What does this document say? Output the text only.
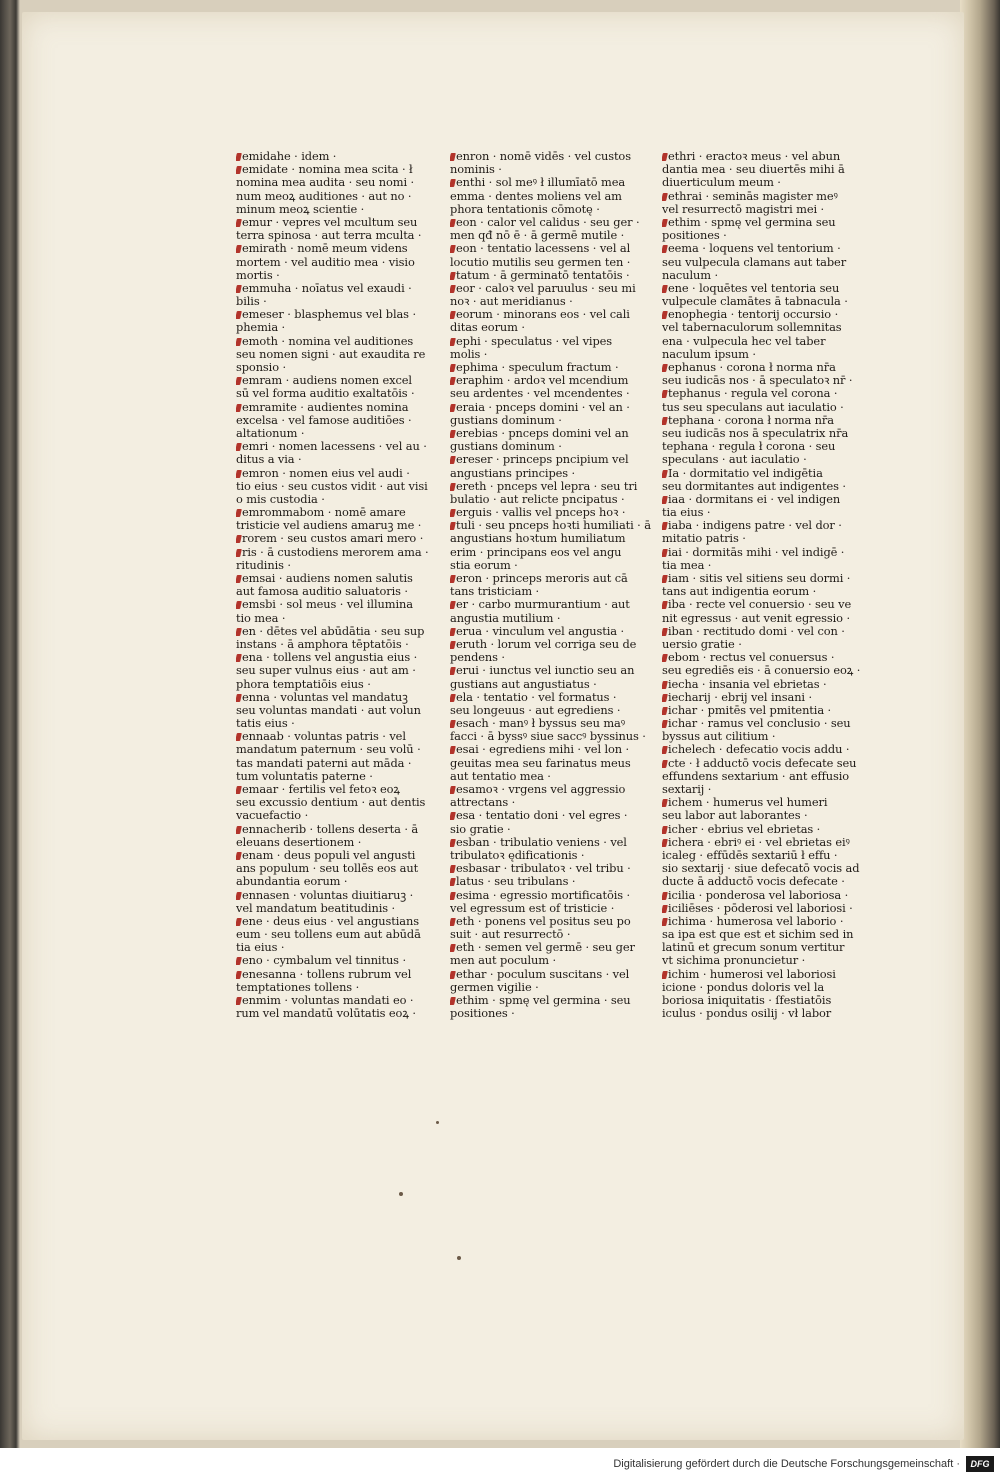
emidahe · idem ·
emidate · nomina mea scita · ł
nomina mea audita · seu nomi ·
num meoꝝ auditiones · aut no ·
minum meoꝝ scientie ·
emur · vepres vel mcultum seu
terra spinosa · aut terra mculta ·
emirath · nomē meum videns
mortem · vel auditio mea · visio
mortis ·
emmuha · noīatus vel exaudi ·
bilis ·
emeser · blasphemus vel blas ·
phemia ·
emoth · nomina vel auditiones
seu nomen signi · aut exaudita re
sponsio ·
emram · audiens nomen excel
sū vel forma auditio exaltatōis ·
emramite · audientes nomina
excelsa · vel famose auditiōes ·
altationum ·
emri · nomen lacessens · vel au ·
ditus a via ·
emron · nomen eius vel audi ·
tio eius · seu custos vidit · aut visi
o mis custodia ·
emrommabom · nomē amare
tristicie vel audiens amaruꝫ me ·
rorem · seu custos amari mero ·
ris · ā custodiens merorem ama ·
ritudinis ·
emsai · audiens nomen salutis
aut famosa auditio saluatoris ·
emsbi · sol meus · vel illumina
tio mea ·
en · dētes vel abūdātia · seu sup
instans · ā amphora tēptatōis ·
ena · tollens vel angustia eius ·
seu super vulnus eius · aut am ·
phora temptatiōis eius ·
enna · voluntas vel mandatuꝫ
seu voluntas mandati · aut volun
tatis eius ·
ennaab · voluntas patris · vel
mandatum paternum · seu volū ·
tas mandati paterni aut māda ·
tum voluntatis paterne ·
emaar · fertilis vel fetoꝛ eoꝝ
seu excussio dentium · aut dentis
vacuefactio ·
ennacherib · tollens deserta · ā
eleuans desertionem ·
enam · deus populi vel angusti
ans populum · seu tollēs eos aut
abundantia eorum ·
ennasen · voluntas diuitiaruꝫ ·
vel mandatum beatitudinis ·
ene · deus eius · vel angustians
eum · seu tollens eum aut abūdā
tia eius ·
eno · cymbalum vel tinnitus ·
enesanna · tollens rubrum vel
temptationes tollens ·
enmim · voluntas mandati eo ·
rum vel mandatū volūtatis eoꝝ ·
enron · nomē vidēs · vel custos
nominis ·
enthi · sol meꝰ ł illumīatō mea
emma · dentes moliens vel am
phora tentationis cōmotę ·
eon · calor vel calidus · seu ger ·
men qđ nō ē · ā germē mutile ·
eon · tentatio lacessens · vel al
locutio mutilis seu germen ten ·
tatum · ā germinatō tentatōis ·
eor · caloꝛ vel paruulus · seu mi
noꝛ · aut meridianus ·
eorum · minorans eos · vel cali
ditas eorum ·
ephi · speculatus · vel vipes
molis ·
ephima · speculum fractum ·
eraphim · ardoꝛ vel mcendium
seu ardentes · vel mcendentes ·
eraia · pnceps domini · vel an ·
gustians dominum ·
erebias · pnceps domini vel an
gustians dominum ·
ereser · princeps pncipium vel
angustians principes ·
ereth · pnceps vel lepra · seu tri
bulatio · aut relicte pncipatus ·
erguis · vallis vel pnceps hoꝛ ·
tuli · seu pnceps hoꝛti humiliati · ā
angustians hoꝛtum humiliatum
erim · principans eos vel angu
stia eorum ·
eron · princeps meroris aut cā
tans tristiciam ·
er · carbo murmurantium · aut
angustia mutilium ·
erua · vinculum vel angustia ·
eruth · lorum vel corriga seu de
pendens ·
erui · iunctus vel iunctio seu an
gustians aut angustiatus ·
ela · tentatio · vel formatus ·
seu longeuus · aut egrediens ·
esach · manꝰ ł byssus seu maꝰ
facci · ā byssꝰ siue saccꝰ byssinus ·
esai · egrediens mihi · vel lon ·
geuitas mea seu farinatus meus
aut tentatio mea ·
esamoꝛ · vrgens vel aggressio
attrectans ·
esa · tentatio doni · vel egres ·
sio gratie ·
esban · tribulatio veniens · vel
tribulatoꝛ ędificationis ·
esbasar · tribulatoꝛ · vel tribu ·
latus · seu tribulans ·
esima · egressio mortificatōis ·
vel egressum est of tristicie ·
eth · ponens vel positus seu po
suit · aut resurrectō ·
eth · semen vel germē · seu ger
men aut poculum ·
ethar · poculum suscitans · vel
germen vigilie ·
ethim · spmę vel germina · seu
positiones ·
ethri · eractoꝛ meus · vel abun
dantia mea · seu diuertēs mihi ā
diuerticulum meum ·
ethrai · seminās magister meꝰ
vel resurrectō magistri mei ·
ethim · spmę vel germina seu
positiones ·
eema · loquens vel tentorium ·
seu vulpecula clamans aut taber
naculum ·
ene · loquētes vel tentoria seu
vulpecule clamātes ā tabnacula ·
enophegia · tentorij occursio ·
vel tabernaculorum sollemnitas
ena · vulpecula hec vel taber
naculum ipsum ·
ephanus · corona ł norma nr̄a
seu iudicās nos · ā speculatoꝛ nr̄ ·
tephanus · regula vel corona ·
tus seu speculans aut iaculatio ·
tephana · corona ł norma nr̄a
seu iudicās nos ā speculatrix nr̄a
tephana · regula ł corona · seu
speculans · aut iaculatio ·
Ia · dormitatio vel indigētia
seu dormitantes aut indigentes ·
iaa · dormitans ei · vel indigen
tia eius ·
iaba · indigens patre · vel dor ·
mitatio patris ·
iai · dormitās mihi · vel indigē ·
tia mea ·
iam · sitis vel sitiens seu dormi ·
tans aut indigentia eorum ·
iba · recte vel conuersio · seu ve
nit egressus · aut venit egressio ·
iban · rectitudo domi · vel con ·
uersio gratie ·
ebom · rectus vel conuersus ·
seu egrediēs eis · ā conuersio eoꝝ ·
iecha · insania vel ebrietas ·
iecharij · ebrij vel insani ·
ichar · pmitēs vel pmitentia ·
ichar · ramus vel conclusio · seu
byssus aut cilitium ·
ichelech · defecatio vocis addu ·
cte · ł adductō vocis defecate seu
effundens sextarium · ant effusio
sextarij ·
ichem · humerus vel humeri
seu labor aut laborantes ·
icher · ebrius vel ebrietas ·
ichera · ebriꝰ ei · vel ebrietas eiꝰ
icaleg · effūdēs sextariū ł effu ·
sio sextarij · siue defecatō vocis ad
ducte ā adductō vocis defecate ·
icilia · ponderosa vel laboriosa ·
iciliēses · pōderosi vel laboriosi ·
ichima · humerosa vel laborio ·
sa ipa est que est et sichim sed in
latinū et grecum sonum vertitur
vt sichima pronuncietur ·
ichim · humerosi vel laboriosi
icione · pondus doloris vel la
boriosa iniquitatis · ſfestiatōis
iculus · pondus osilij · vł labor
Digitalisierung gefördert durch die Deutsche Forschungsgemeinschaft ·	DFG
